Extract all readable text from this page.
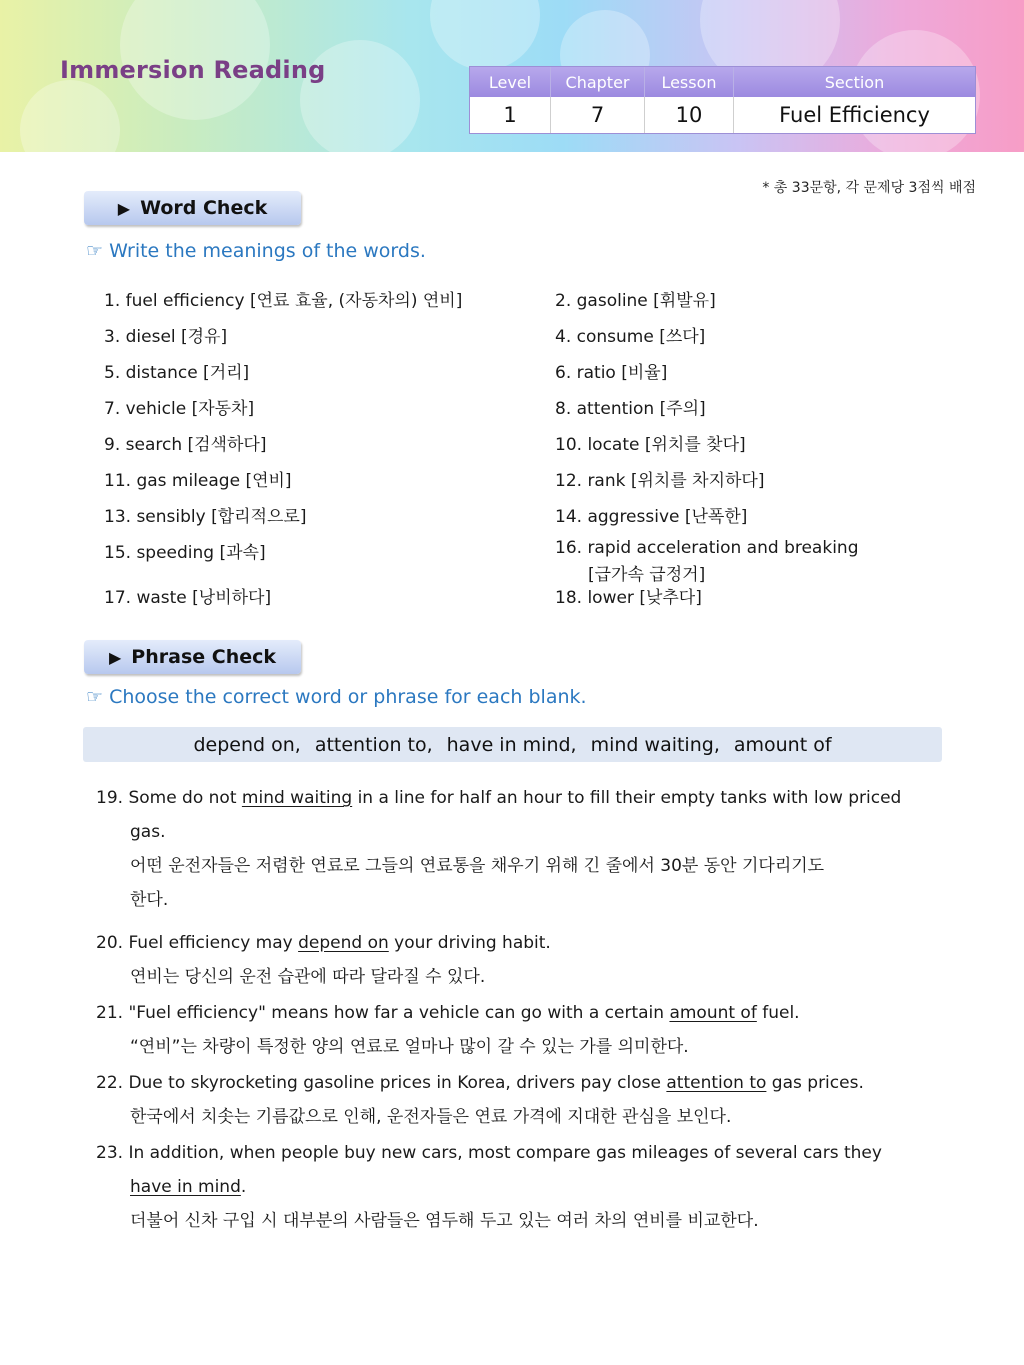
Immersion Reading	Level	Chapter	Lesson	Section
1	7	10	Fuel Efficiency
* 총 33문항, 각 문제당 3점씩 배점
▶ Word Check
☞ Write the meanings of the words.
1. fuel efficiency [연료 효율, (자동차의) 연비]	2. gasoline [휘발유]
3. diesel [경유]	4. consume [쓰다]
5. distance [거리]	6. ratio [비율]
7. vehicle [자동차]	8. attention [주의]
9. search [검색하다]	10. locate [위치를 찾다]
11. gas mileage [연비]	12. rank [위치를 차지하다]
13. sensibly [합리적으로]	14. aggressive [난폭한]
15. speeding [과속]	16. rapid acceleration and breaking
[급가속 급정거]
17. waste [낭비하다]	18. lower [낮추다]
▶ Phrase Check
☞ Choose the correct word or phrase for each blank.
depend on, attention to, have in mind, mind waiting, amount of
19. Some do not mind waiting in a line for half an hour to fill their empty tanks with low priced
gas.
어떤 운전자들은 저렴한 연료로 그들의 연료통을 채우기 위해 긴 줄에서 30분 동안 기다리기도
한다.
20. Fuel efficiency may depend on your driving habit.
연비는 당신의 운전 습관에 따라 달라질 수 있다.
21. "Fuel efficiency" means how far a vehicle can go with a certain amount of fuel.
“연비”는 차량이 특정한 양의 연료로 얼마나 많이 갈 수 있는 가를 의미한다.
22. Due to skyrocketing gasoline prices in Korea, drivers pay close attention to gas prices.
한국에서 치솟는 기름값으로 인해, 운전자들은 연료 가격에 지대한 관심을 보인다.
23. In addition, when people buy new cars, most compare gas mileages of several cars they
have in mind.
더불어 신차 구입 시 대부분의 사람들은 염두해 두고 있는 여러 차의 연비를 비교한다.
